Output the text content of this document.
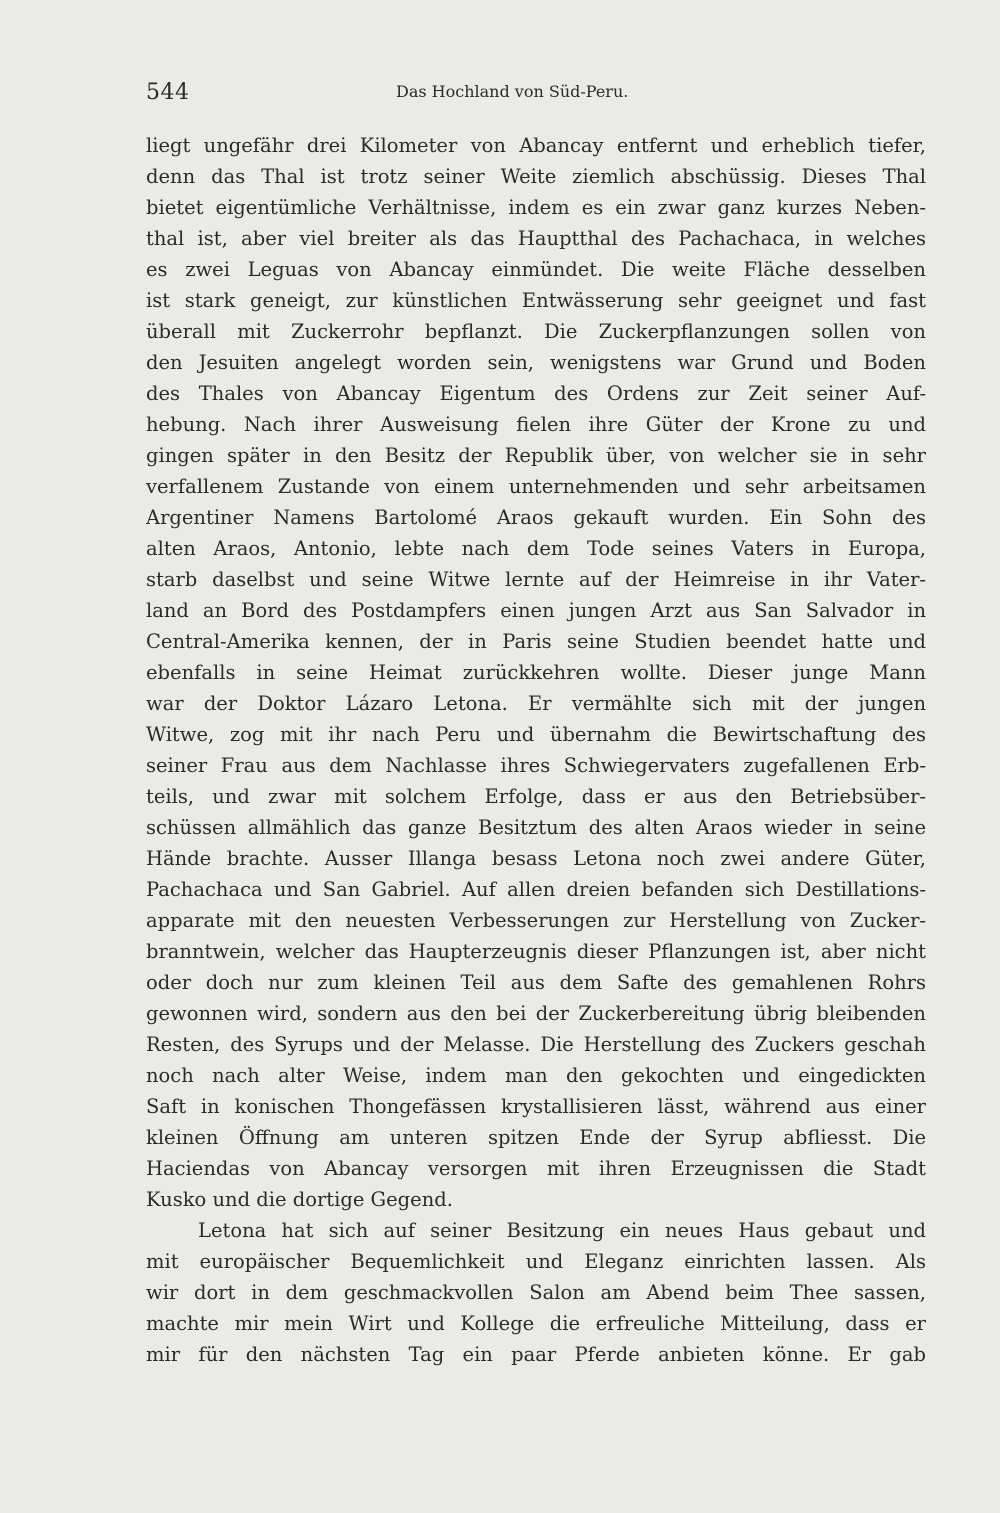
544	Das Hochland von Süd-Peru.
liegt ungefähr drei Kilometer von Abancay entfernt und erheblich tiefer,
denn das Thal ist trotz seiner Weite ziemlich abschüssig. Dieses Thal
bietet eigentümliche Verhältnisse, indem es ein zwar ganz kurzes Neben-
thal ist, aber viel breiter als das Hauptthal des Pachachaca, in welches
es zwei Leguas von Abancay einmündet. Die weite Fläche desselben
ist stark geneigt, zur künstlichen Entwässerung sehr geeignet und fast
überall mit Zuckerrohr bepflanzt. Die Zuckerpflanzungen sollen von
den Jesuiten angelegt worden sein, wenigstens war Grund und Boden
des Thales von Abancay Eigentum des Ordens zur Zeit seiner Auf-
hebung. Nach ihrer Ausweisung fielen ihre Güter der Krone zu und
gingen später in den Besitz der Republik über, von welcher sie in sehr
verfallenem Zustande von einem unternehmenden und sehr arbeitsamen
Argentiner Namens Bartolomé Araos gekauft wurden. Ein Sohn des
alten Araos, Antonio, lebte nach dem Tode seines Vaters in Europa,
starb daselbst und seine Witwe lernte auf der Heimreise in ihr Vater-
land an Bord des Postdampfers einen jungen Arzt aus San Salvador in
Central-Amerika kennen, der in Paris seine Studien beendet hatte und
ebenfalls in seine Heimat zurückkehren wollte. Dieser junge Mann
war der Doktor Lázaro Letona. Er vermählte sich mit der jungen
Witwe, zog mit ihr nach Peru und übernahm die Bewirtschaftung des
seiner Frau aus dem Nachlasse ihres Schwiegervaters zugefallenen Erb-
teils, und zwar mit solchem Erfolge, dass er aus den Betriebsüber-
schüssen allmählich das ganze Besitztum des alten Araos wieder in seine
Hände brachte. Ausser Illanga besass Letona noch zwei andere Güter,
Pachachaca und San Gabriel. Auf allen dreien befanden sich Destillations-
apparate mit den neuesten Verbesserungen zur Herstellung von Zucker-
branntwein, welcher das Haupterzeugnis dieser Pflanzungen ist, aber nicht
oder doch nur zum kleinen Teil aus dem Safte des gemahlenen Rohrs
gewonnen wird, sondern aus den bei der Zuckerbereitung übrig bleibenden
Resten, des Syrups und der Melasse. Die Herstellung des Zuckers geschah
noch nach alter Weise, indem man den gekochten und eingedickten
Saft in konischen Thongefässen krystallisieren lässt, während aus einer
kleinen Öffnung am unteren spitzen Ende der Syrup abfliesst. Die
Haciendas von Abancay versorgen mit ihren Erzeugnissen die Stadt
Kusko und die dortige Gegend.
Letona hat sich auf seiner Besitzung ein neues Haus gebaut und
mit europäischer Bequemlichkeit und Eleganz einrichten lassen. Als
wir dort in dem geschmackvollen Salon am Abend beim Thee sassen,
machte mir mein Wirt und Kollege die erfreuliche Mitteilung, dass er
mir für den nächsten Tag ein paar Pferde anbieten könne. Er gab
